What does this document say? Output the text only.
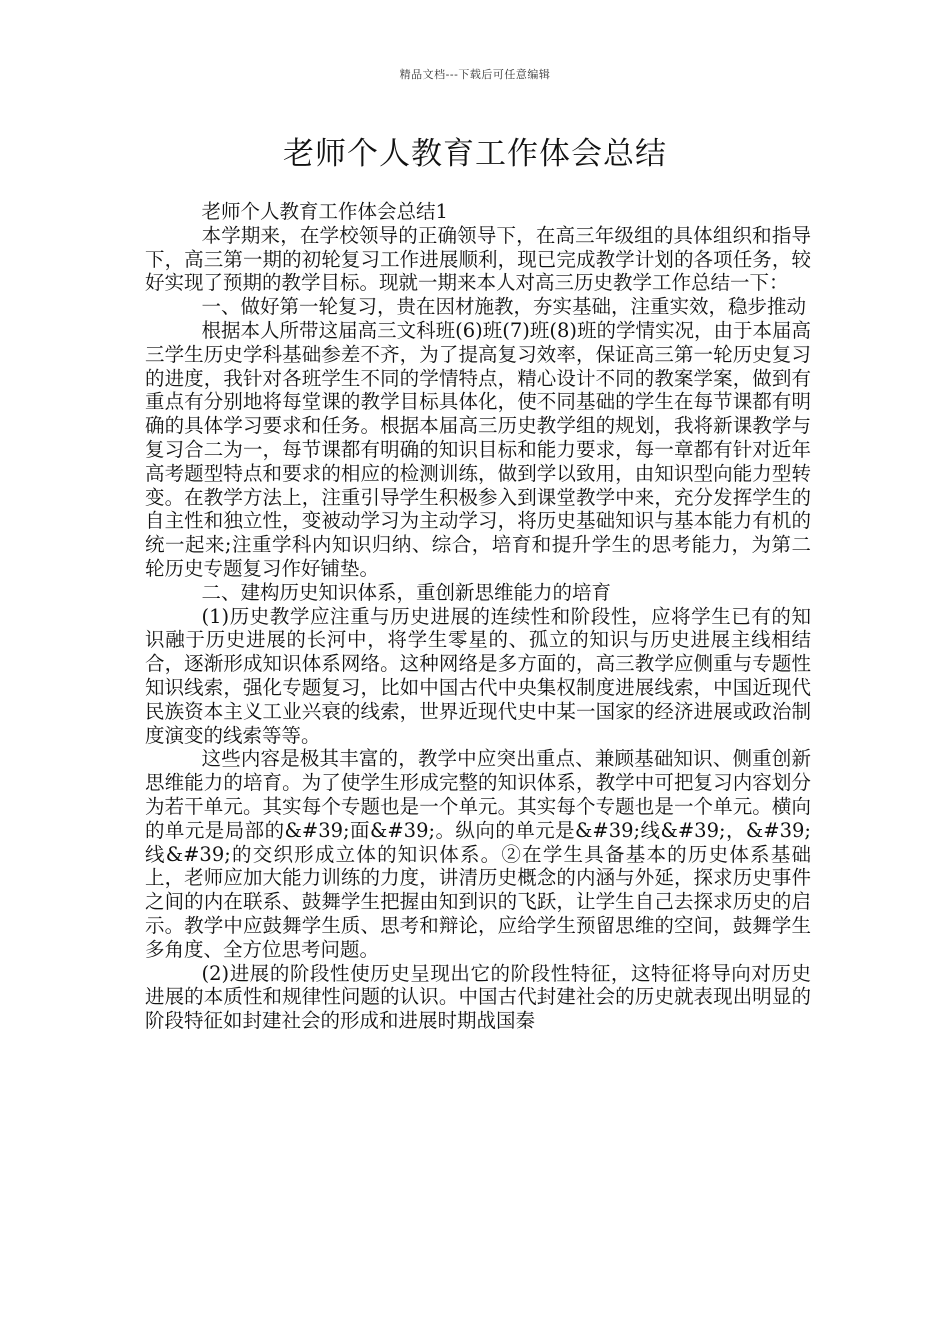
精品文档---下载后可任意编辑
老师个人教育工作体会总结

老师个人教育工作体会总结1

本学期来，在学校领导的正确领导下，在高三年级组的具体组织和指导下，高三第一期的初轮复习工作进展顺利，现已完成教学计划的各项任务，较好实现了预期的教学目标。现就一期来本人对高三历史教学工作总结一下：

一、做好第一轮复习，贵在因材施教，夯实基础，注重实效，稳步推动

根据本人所带这届高三文科班(6)班(7)班(8)班的学情实况，由于本届高三学生历史学科基础参差不齐，为了提高复习效率，保证高三第一轮历史复习的进度，我针对各班学生不同的学情特点，精心设计不同的教案学案，做到有重点有分别地将每堂课的教学目标具体化，使不同基础的学生在每节课都有明确的具体学习要求和任务。根据本届高三历史教学组的规划，我将新课教学与复习合二为一，每节课都有明确的知识目标和能力要求，每一章都有针对近年高考题型特点和要求的相应的检测训练，做到学以致用，由知识型向能力型转变。在教学方法上，注重引导学生积极参入到课堂教学中来，充分发挥学生的自主性和独立性，变被动学习为主动学习，将历史基础知识与基本能力有机的统一起来;注重学科内知识归纳、综合，培育和提升学生的思考能力，为第二轮历史专题复习作好铺垫。

二、建构历史知识体系，重创新思维能力的培育

(1)历史教学应注重与历史进展的连续性和阶段性，应将学生已有的知识融于历史进展的长河中，将学生零星的、孤立的知识与历史进展主线相结合，逐渐形成知识体系网络。这种网络是多方面的，高三教学应侧重与专题性知识线索，强化专题复习，比如中国古代中央集权制度进展线索，中国近现代民族资本主义工业兴衰的线索，世界近现代史中某一国家的经济进展或政治制度演变的线索等等。

这些内容是极其丰富的，教学中应突出重点、兼顾基础知识、侧重创新思维能力的培育。为了使学生形成完整的知识体系，教学中可把复习内容划分为若干单元。其实每个专题也是一个单元。其实每个专题也是一个单元。横向的单元是局部的&#39;面&#39;。纵向的单元是&#39;线&#39;，&#39;线&#39;的交织形成立体的知识体系。②在学生具备基本的历史体系基础上，老师应加大能力训练的力度，讲清历史概念的内涵与外延，探求历史事件之间的内在联系、鼓舞学生把握由知到识的飞跃，让学生自己去探求历史的启示。教学中应鼓舞学生质、思考和辩论，应给学生预留思维的空间，鼓舞学生多角度、全方位思考问题。

(2)进展的阶段性使历史呈现出它的阶段性特征，这特征将导向对历史进展的本质性和规律性问题的认识。中国古代封建社会的历史就表现出明显的阶段特征如封建社会的形成和进展时期战国秦
